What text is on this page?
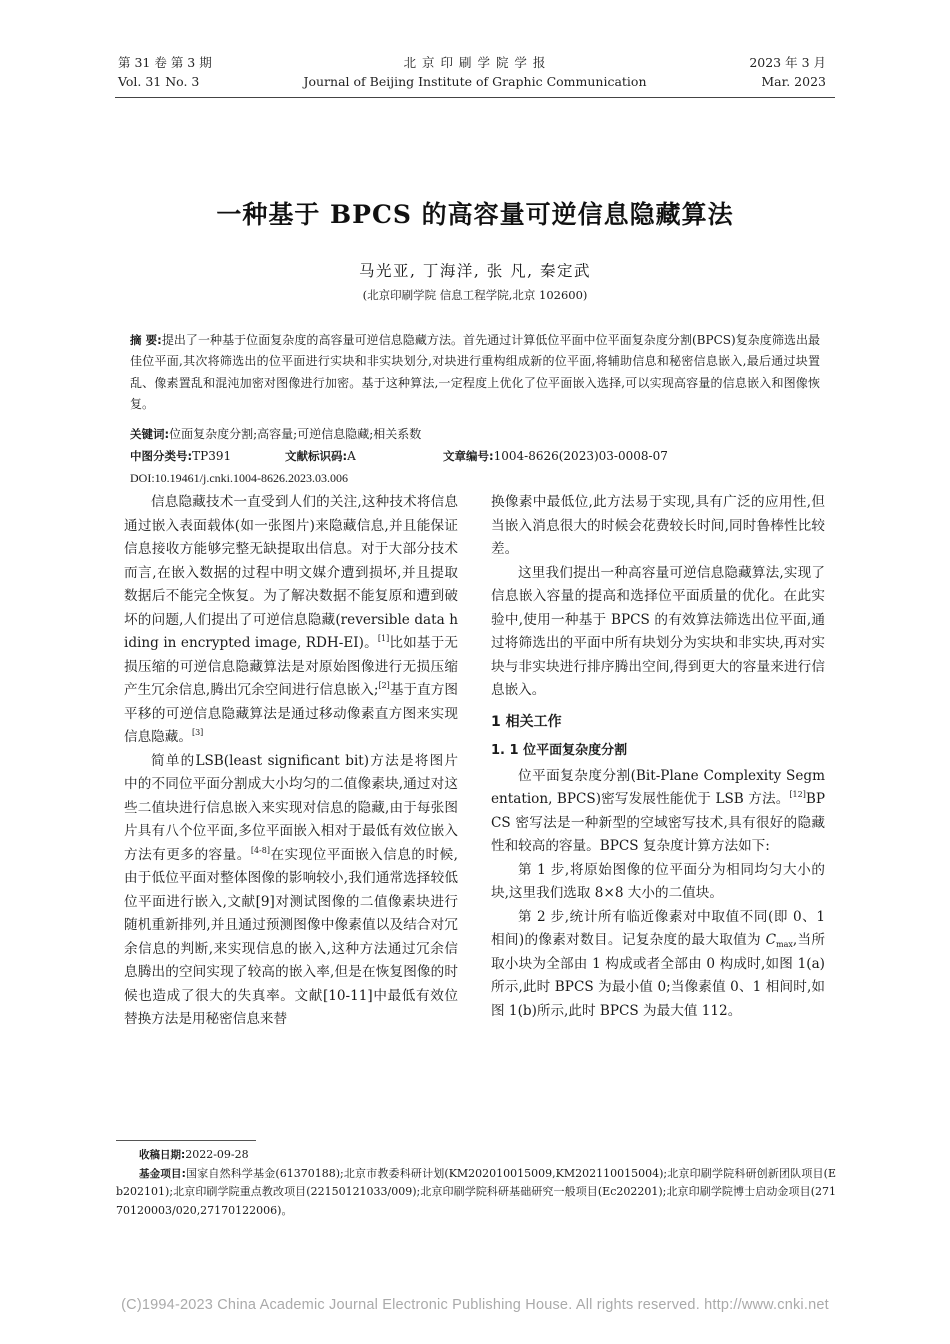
第 31 卷 第 3 期
Vol. 31 No. 3
北 京 印 刷 学 院 学 报
Journal of Beijing Institute of Graphic Communication
2023 年 3 月
Mar. 2023
一种基于 BPCS 的高容量可逆信息隐藏算法
马光亚, 丁海洋, 张 凡, 秦定武
(北京印刷学院 信息工程学院,北京 102600)
摘 要:提出了一种基于位面复杂度的高容量可逆信息隐藏方法。首先通过计算低位平面中位平面复杂度分割(BPCS)复杂度筛选出最佳位平面,其次将筛选出的位平面进行实块和非实块划分,对块进行重构组成新的位平面,将辅助信息和秘密信息嵌入,最后通过块置乱、像素置乱和混沌加密对图像进行加密。基于这种算法,一定程度上优化了位平面嵌入选择,可以实现高容量的信息嵌入和图像恢复。
关键词:位面复杂度分割;高容量;可逆信息隐藏;相关系数
中图分类号:TP391	文献标识码:A	文章编号:1004-8626(2023)03-0008-07
DOI:10.19461/j.cnki.1004-8626.2023.03.006

信息隐藏技术一直受到人们的关注,这种技术将信息通过嵌入表面载体(如一张图片)来隐藏信息,并且能保证信息接收方能够完整无缺提取出信息。对于大部分技术而言,在嵌入数据的过程中明文媒介遭到损坏,并且提取数据后不能完全恢复。为了解决数据不能复原和遭到破坏的问题,人们提出了可逆信息隐藏(reversible data hiding in encrypted image, RDH-EI)。[1]比如基于无损压缩的可逆信息隐藏算法是对原始图像进行无损压缩产生冗余信息,腾出冗余空间进行信息嵌入;[2]基于直方图平移的可逆信息隐藏算法是通过移动像素直方图来实现信息隐藏。[3]

简单的LSB(least significant bit)方法是将图片中的不同位平面分割成大小均匀的二值像素块,通过对这些二值块进行信息嵌入来实现对信息的隐藏,由于每张图片具有八个位平面,多位平面嵌入相对于最低有效位嵌入方法有更多的容量。[4-8]在实现位平面嵌入信息的时候,由于低位平面对整体图像的影响较小,我们通常选择较低位平面进行嵌入,文献[9]对测试图像的二值像素块进行随机重新排列,并且通过预测图像中像素值以及结合对冗余信息的判断,来实现信息的嵌入,这种方法通过冗余信息腾出的空间实现了较高的嵌入率,但是在恢复图像的时候也造成了很大的失真率。文献[10-11]中最低有效位替换方法是用秘密信息来替

换像素中最低位,此方法易于实现,具有广泛的应用性,但当嵌入消息很大的时候会花费较长时间,同时鲁棒性比较差。

这里我们提出一种高容量可逆信息隐藏算法,实现了信息嵌入容量的提高和选择位平面质量的优化。在此实验中,使用一种基于 BPCS 的有效算法筛选出位平面,通过将筛选出的平面中所有块划分为实块和非实块,再对实块与非实块进行排序腾出空间,得到更大的容量来进行信息嵌入。

1 相关工作
1. 1 位平面复杂度分割

位平面复杂度分割(Bit-Plane Complexity Segmentation, BPCS)密写发展性能优于 LSB 方法。[12]BPCS 密写法是一种新型的空域密写技术,具有很好的隐藏性和较高的容量。BPCS 复杂度计算方法如下:

第 1 步,将原始图像的位平面分为相同均匀大小的块,这里我们选取 8×8 大小的二值块。

第 2 步,统计所有临近像素对中取值不同(即 0、1 相间)的像素对数目。记复杂度的最大取值为 $C_{max}$,当所取小块为全部由 1 构成或者全部由 0 构成时,如图 1(a)所示,此时 BPCS 为最小值 0;当像素值 0、1 相间时,如图 1(b)所示,此时 BPCS 为最大值 112。

收稿日期:2022-09-28

基金项目:国家自然科学基金(61370188);北京市教委科研计划(KM202010015009,KM202110015004);北京印刷学院科研创新团队项目(Eb202101);北京印刷学院重点教改项目(22150121033/009);北京印刷学院科研基础研究一般项目(Ec202201);北京印刷学院博士启动金项目(27170120003/020,27170122006)。

(C)1994-2023 China Academic Journal Electronic Publishing House. All rights reserved. http://www.cnki.net
